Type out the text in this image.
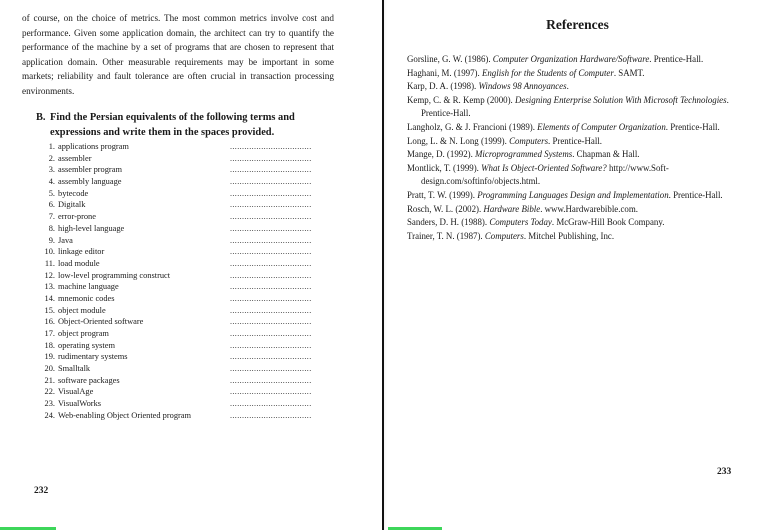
of course, on the choice of metrics. The most common metrics involve cost and performance. Given some application domain, the architect can try to quantify the performance of the machine by a set of programs that are chosen to represent that application domain. Other measurable requirements may be important in some markets; reliability and fault tolerance are often crucial in transaction processing environments.

B. Find the Persian equivalents of the following terms and
expressions and write them in the spaces provided.

1. applications program	..................................
2. assembler	..................................
3. assembler program	..................................
4. assembly language	..................................
5. bytecode	..................................
6. Digitalk	..................................
7. error-prone	..................................
8. high-level language	..................................
9. Java	..................................
10. linkage editor	..................................
11. load module	..................................
12. low-level programming construct	..................................
13. machine language	..................................
14. mnemonic codes	..................................
15. object module	..................................
16. Object-Oriented software	..................................
17. object program	..................................
18. operating system	..................................
19. rudimentary systems	..................................
20. Smalltalk	..................................
21. software packages	..................................
22. VisualAge	..................................
23. VisualWorks	..................................
24. Web-enabling Object Oriented program	..................................

232

References
Gorsline, G. W. (1986). Computer Organization Hardware/Software. Prentice-Hall.
Haghani, M. (1997). English for the Students of Computer. SAMT.
Karp, D. A. (1998). Windows 98 Annoyances.
Kemp, C. & R. Kemp (2000). Designing Enterprise Solution With Microsoft Technologies. Prentice-Hall.
Langholz, G. & J. Francioni (1989). Elements of Computer Organization. Prentice-Hall.
Long, L. & N. Long (1999). Computers. Prentice-Hall.
Mange, D. (1992). Microprogrammed Systems. Chapman & Hall.
Montlick, T. (1999). What Is Object-Oriented Software? http://www.Soft-design.com/softinfo/objects.html.
Pratt, T. W. (1999). Programming Languages Design and Implementation. Prentice-Hall.
Rosch, W. L. (2002). Hardware Bible. www.Hardwarebible.com.
Sanders, D. H. (1988). Computers Today. McGraw-Hill Book Company.
Trainer, T. N. (1987). Computers. Mitchel Publishing, Inc.

233
